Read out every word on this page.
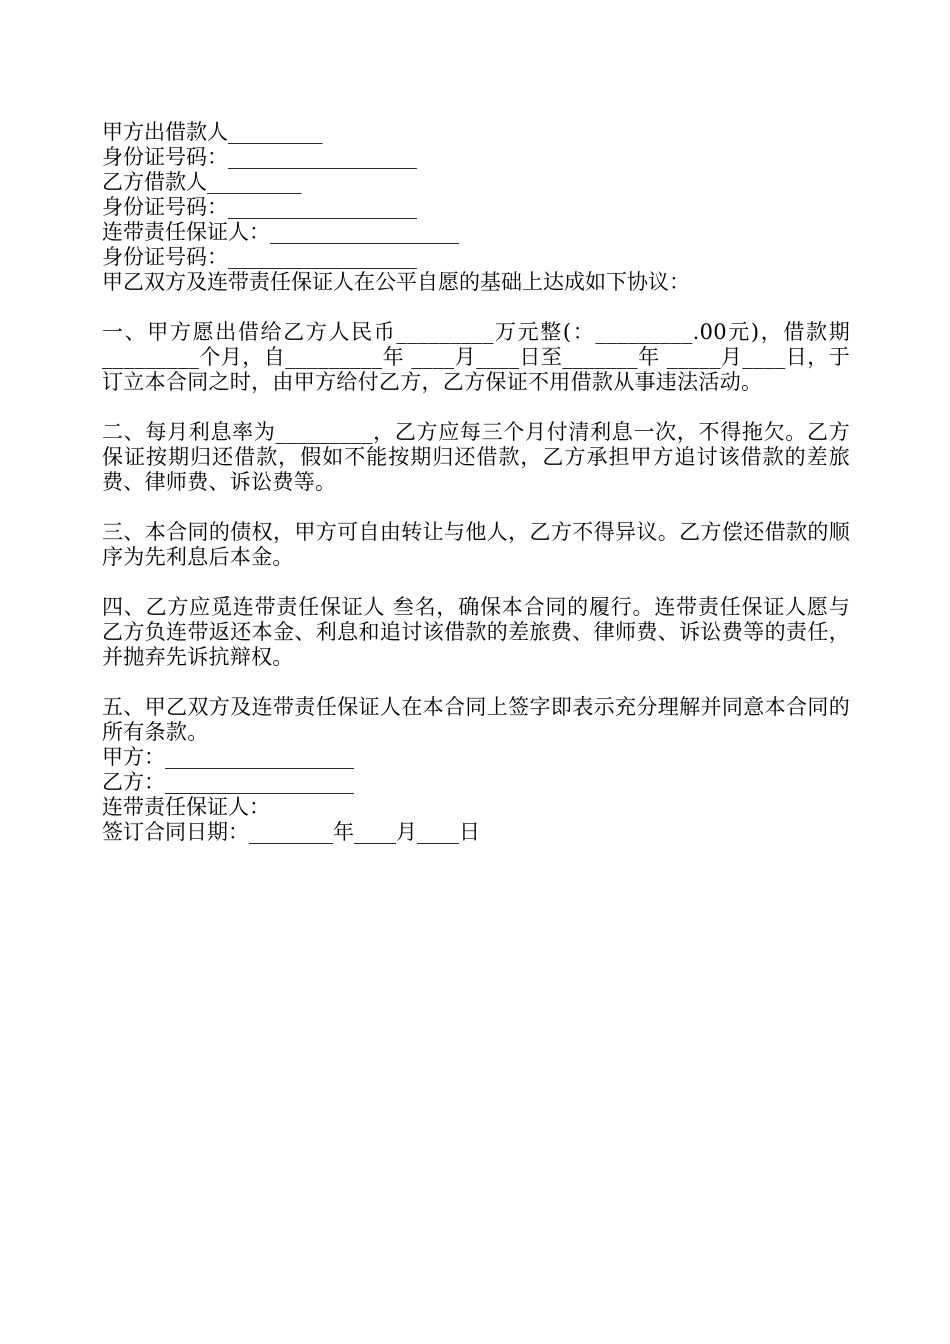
甲方出借款人_________
身份证号码：__________________
乙方借款人_________
身份证号码：__________________
连带责任保证人：__________________
身份证号码：__________________
甲乙双方及连带责任保证人在公平自愿的基础上达成如下协议：

一、甲方愿出借给乙方人民币_________万元整(：_________.00元)，借款期_________个月，自_________年 ____月____日至_______年 _____月____日，于订立本合同之时，由甲方给付乙方，乙方保证不用借款从事违法活动。

二、每月利息率为_________，乙方应每三个月付清利息一次，不得拖欠。乙方保证按期归还借款，假如不能按期归还借款，乙方承担甲方追讨该借款的差旅费、律师费、诉讼费等。

三、本合同的债权，甲方可自由转让与他人，乙方不得异议。乙方偿还借款的顺序为先利息后本金。

四、乙方应觅连带责任保证人 叁名，确保本合同的履行。连带责任保证人愿与乙方负连带返还本金、利息和追讨该借款的差旅费、律师费、诉讼费等的责任，并抛弃先诉抗辩权。

五、甲乙双方及连带责任保证人在本合同上签字即表示充分理解并同意本合同的所有条款。

甲方：__________________
乙方：__________________
连带责任保证人：
签订合同日期：________年____月____日
